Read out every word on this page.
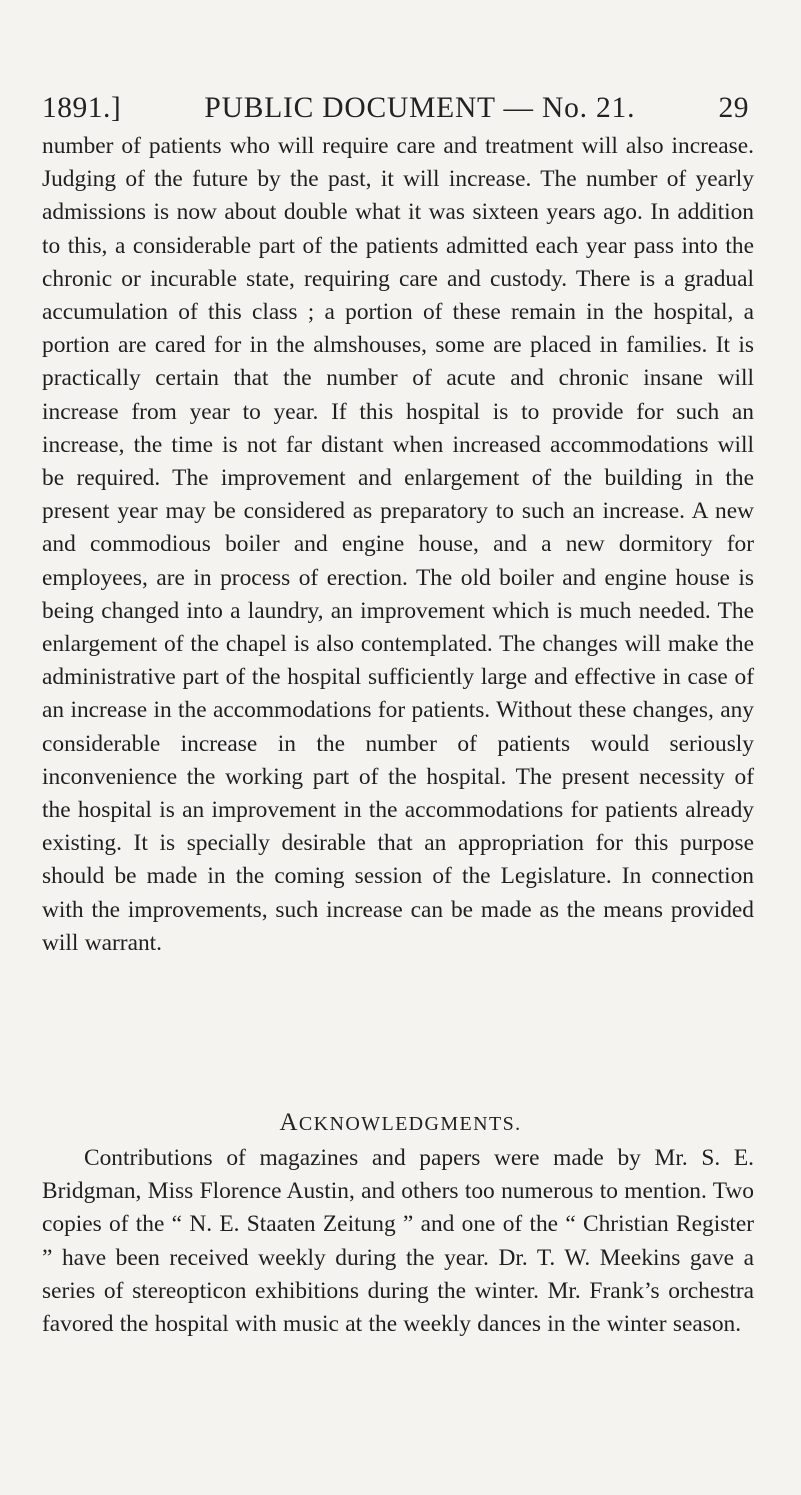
1891.]	PUBLIC DOCUMENT — No. 21.	29

number of patients who will require care and treatment will also increase. Judging of the future by the past, it will increase. The number of yearly admissions is now about double what it was sixteen years ago. In addition to this, a considerable part of the patients admitted each year pass into the chronic or incurable state, requiring care and custody. There is a gradual accumulation of this class ; a portion of these remain in the hospital, a portion are cared for in the almshouses, some are placed in families. It is practically certain that the number of acute and chronic insane will increase from year to year. If this hospital is to provide for such an increase, the time is not far distant when increased accommodations will be required. The improvement and enlargement of the building in the present year may be considered as preparatory to such an increase. A new and commodious boiler and engine house, and a new dormitory for employees, are in process of erection. The old boiler and engine house is being changed into a laundry, an improvement which is much needed. The enlargement of the chapel is also contemplated. The changes will make the administrative part of the hospital sufficiently large and effective in case of an increase in the accommodations for patients. Without these changes, any considerable increase in the number of patients would seriously inconvenience the working part of the hospital. The present necessity of the hospital is an improvement in the accommodations for patients already existing. It is specially desirable that an appropriation for this purpose should be made in the coming session of the Legislature. In connection with the improvements, such increase can be made as the means provided will warrant.

ACKNOWLEDGMENTS.

Contributions of magazines and papers were made by Mr. S. E. Bridgman, Miss Florence Austin, and others too numerous to mention. Two copies of the “ N. E. Staaten Zeitung ” and one of the “ Christian Register ” have been received weekly during the year. Dr. T. W. Meekins gave a series of stereopticon exhibitions during the winter. Mr. Frank’s orchestra favored the hospital with music at the weekly dances in the winter season.
